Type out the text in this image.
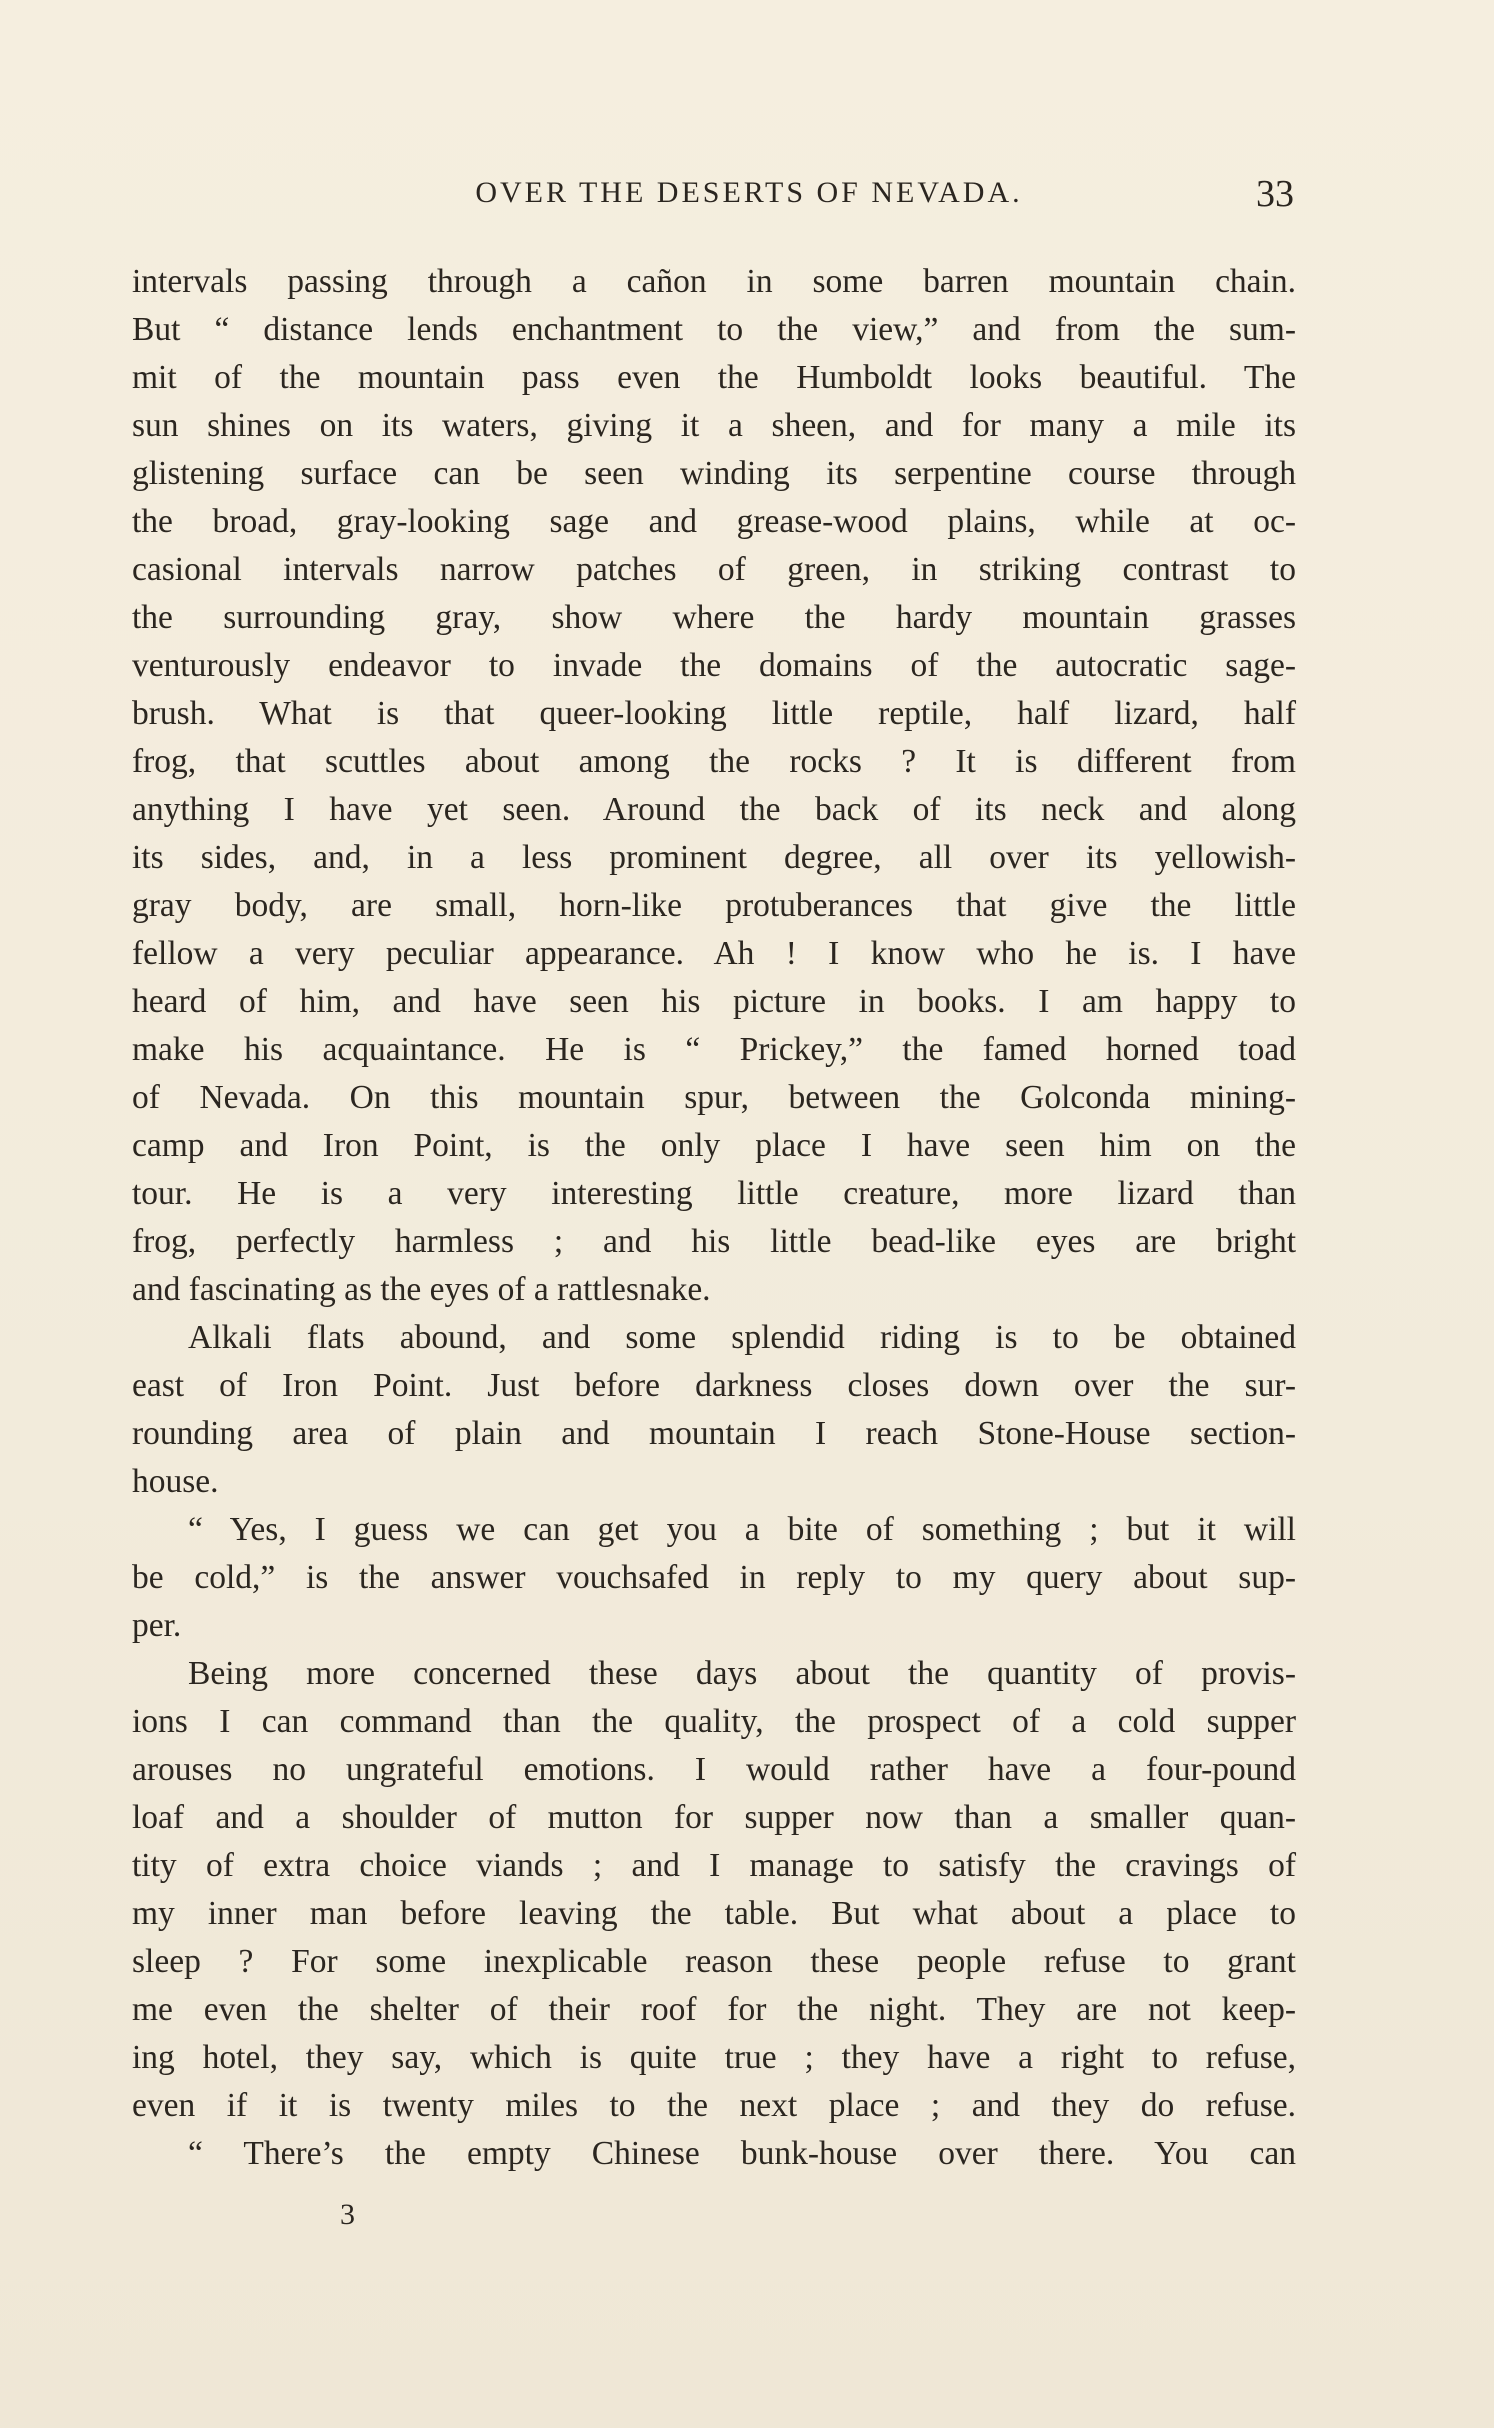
OVER THE DESERTS OF NEVADA.	33
intervals passing through a cañon in some barren mountain chain.
But “ distance lends enchantment to the view,” and from the sum-
mit of the mountain pass even the Humboldt looks beautiful. The
sun shines on its waters, giving it a sheen, and for many a mile its
glistening surface can be seen winding its serpentine course through
the broad, gray-looking sage and grease-wood plains, while at oc-
casional intervals narrow patches of green, in striking contrast to
the surrounding gray, show where the hardy mountain grasses
venturously endeavor to invade the domains of the autocratic sage-
brush. What is that queer-looking little reptile, half lizard, half
frog, that scuttles about among the rocks ? It is different from
anything I have yet seen. Around the back of its neck and along
its sides, and, in a less prominent degree, all over its yellowish-
gray body, are small, horn-like protuberances that give the little
fellow a very peculiar appearance. Ah ! I know who he is. I have
heard of him, and have seen his picture in books. I am happy to
make his acquaintance. He is “ Prickey,” the famed horned toad
of Nevada. On this mountain spur, between the Golconda mining-
camp and Iron Point, is the only place I have seen him on the
tour. He is a very interesting little creature, more lizard than
frog, perfectly harmless ; and his little bead-like eyes are bright
and fascinating as the eyes of a rattlesnake.
Alkali flats abound, and some splendid riding is to be obtained
east of Iron Point. Just before darkness closes down over the sur-
rounding area of plain and mountain I reach Stone-House section-
house.
“ Yes, I guess we can get you a bite of something ; but it will
be cold,” is the answer vouchsafed in reply to my query about sup-
per.
Being more concerned these days about the quantity of provis-
ions I can command than the quality, the prospect of a cold supper
arouses no ungrateful emotions. I would rather have a four-pound
loaf and a shoulder of mutton for supper now than a smaller quan-
tity of extra choice viands ; and I manage to satisfy the cravings of
my inner man before leaving the table. But what about a place to
sleep ? For some inexplicable reason these people refuse to grant
me even the shelter of their roof for the night. They are not keep-
ing hotel, they say, which is quite true ; they have a right to refuse,
even if it is twenty miles to the next place ; and they do refuse.
“ There’s the empty Chinese bunk-house over there. You can
3
